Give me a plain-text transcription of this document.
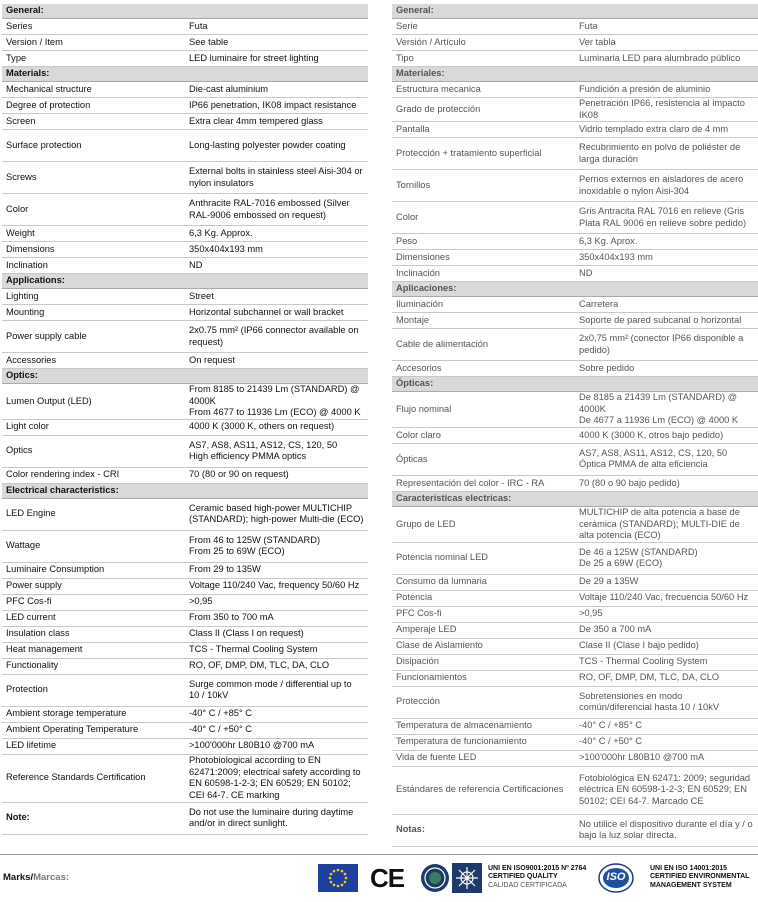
General:	
Series	Futa
Version / Item	See table
Type	LED luminaire for street lighting
Materials:	
Mechanical structure	Die-cast aluminium
Degree of protection	IP66 penetration, IK08 impact resistance
Screen	Extra clear 4mm tempered glass
Surface protection	Long-lasting polyester powder coating
Screws	External bolts in stainless steel Aisi-304 or nylon insulators
Color	Anthracite RAL-7016 embossed (Silver RAL-9006 embossed on request)
Weight	6,3 Kg. Approx.
Dimensions	350x404x193 mm
Inclination	ND
Applications:	
Lighting	Street
Mounting	Horizontal subchannel or wall bracket
Power supply cable	2x0.75 mm² (IP66 connector available on request)
Accessories	On request
Optics:	
Lumen Output (LED)	From 8185 to 21439 Lm (STANDARD) @ 4000K
From 4677 to 11936 Lm (ECO) @ 4000 K
Light color	4000 K (3000 K, others on request)
Optics	AS7, AS8, AS11, AS12, CS, 120, 50
High efficiency PMMA optics
Color rendering index - CRI	70 (80 or 90 on request)
Electrical characteristics:	
LED Engine	Ceramic based high-power MULTICHIP (STANDARD); high-power Multi-die (ECO)
Wattage	From 46 to 125W (STANDARD)
From 25 to 69W (ECO)
Luminaire Consumption	From 29 to 135W
Power supply	Voltage 110/240 Vac, frequency 50/60 Hz
PFC Cos-fi	>0,95
LED current	From 350 to 700 mA
Insulation class	Class II (Class I on request)
Heat management	TCS - Thermal Cooling System
Functionality	RO, OF, DMP, DM, TLC, DA, CLO
Protection	Surge common mode / differential up to 10 / 10kV
Ambient storage temperature	-40° C / +85° C
Ambient Operating Temperature	-40° C / +50° C
LED lifetime	>100'000hr L80B10 @700 mA
Reference Standards Certification	Photobiological according to EN 62471:2009; electrical safety according to EN 60598-1-2-3; EN 60529; EN 50102; CEI 64-7. CE marking
Note:	Do not use the luminaire during daytime and/or in direct sunlight.
General:	
Serie	Futa
Versión / Artículo	Ver tabla
Tipo	Luminaria LED para alumbrado público
Materiales:	
Estructura mecanica	Fundición a presión de aluminio
Grado de protección	Penetración IP66, resistencia al impacto IK08
Pantalla	Vidrio templado extra claro de 4 mm
Protección + tratamiento superficial	Recubrimiento en polvo de poliéster de larga duración
Tornillos	Pernos externos en aisladores de acero inoxidable o nylon Aisi-304
Color	Gris Antracita RAL 7016 en relieve (Gris Plata RAL 9006 en relieve sobre pedido)
Peso	6,3 Kg. Aprox.
Dimensiones	350x404x193 mm
Inclinación	ND
Aplicaciones:	
Iluminación	Carretera
Montaje	Soporte de pared subcanal o horizontal
Cable de alimentación	2x0,75 mm² (conector IP66 disponible a pedido)
Accesorios	Sobre pedido
Ópticas:	
Flujo nominal	De 8185 a 21439 Lm (STANDARD) @ 4000K
De 4677 a 11936 Lm (ECO) @ 4000 K
Color claro	4000 K (3000 K, otros bajo pedido)
Ópticas	AS7, AS8, AS11, AS12, CS, 120, 50
Óptica PMMA de alta eficiencia
Representación del color - IRC - RA	70 (80 o 90 bajo pedido)
Características electricas:	
Grupo de LED	MULTICHIP de alta potencia a base de cerámica (STANDARD); MULTI-DIE de alta potencia (ECO)
Potencia nominal LED	De 46 a 125W (STANDARD)
De 25 a 69W (ECO)
Consumo da lumnaria	De 29 a 135W
Potencia	Voltaje 110/240 Vac, frecuencia 50/60 Hz
PFC Cos-fi	>0,95
Amperaje LED	De 350 a 700 mA
Clase de Aislamiento	Clase II (Clase I bajo pedido)
Disipación	TCS - Thermal Cooling System
Funcionamientos	RO, OF, DMP, DM, TLC, DA, CLO
Protección	Sobretensiones en modo común/diferencial hasta 10 / 10kV
Temperatura de almacenamiento	-40° C / +85° C
Temperatura de funcionamiento	-40° C / +50° C
Vida de fuente LED	>100'000hr L80B10 @700 mA
Estándares de referencia Certificaciones	Fotobiológica EN 62471: 2009; seguridad eléctrica EN 60598-1-2-3; EN 60529; EN 50102; CEI 64-7. Marcado CE
Notas:	No utilice el dispositivo durante el día y / o bajo la luz solar directa.
Marks/Marcas:	CE	UNI EN ISO9001:2015 Nº 2764
CERTIFIED QUALITY
CALIDAD CERTIFICADA
ISO
UNI EN ISO 14001:2015
CERTIFIED ENVIRONMENTAL
MANAGEMENT SYSTEM
